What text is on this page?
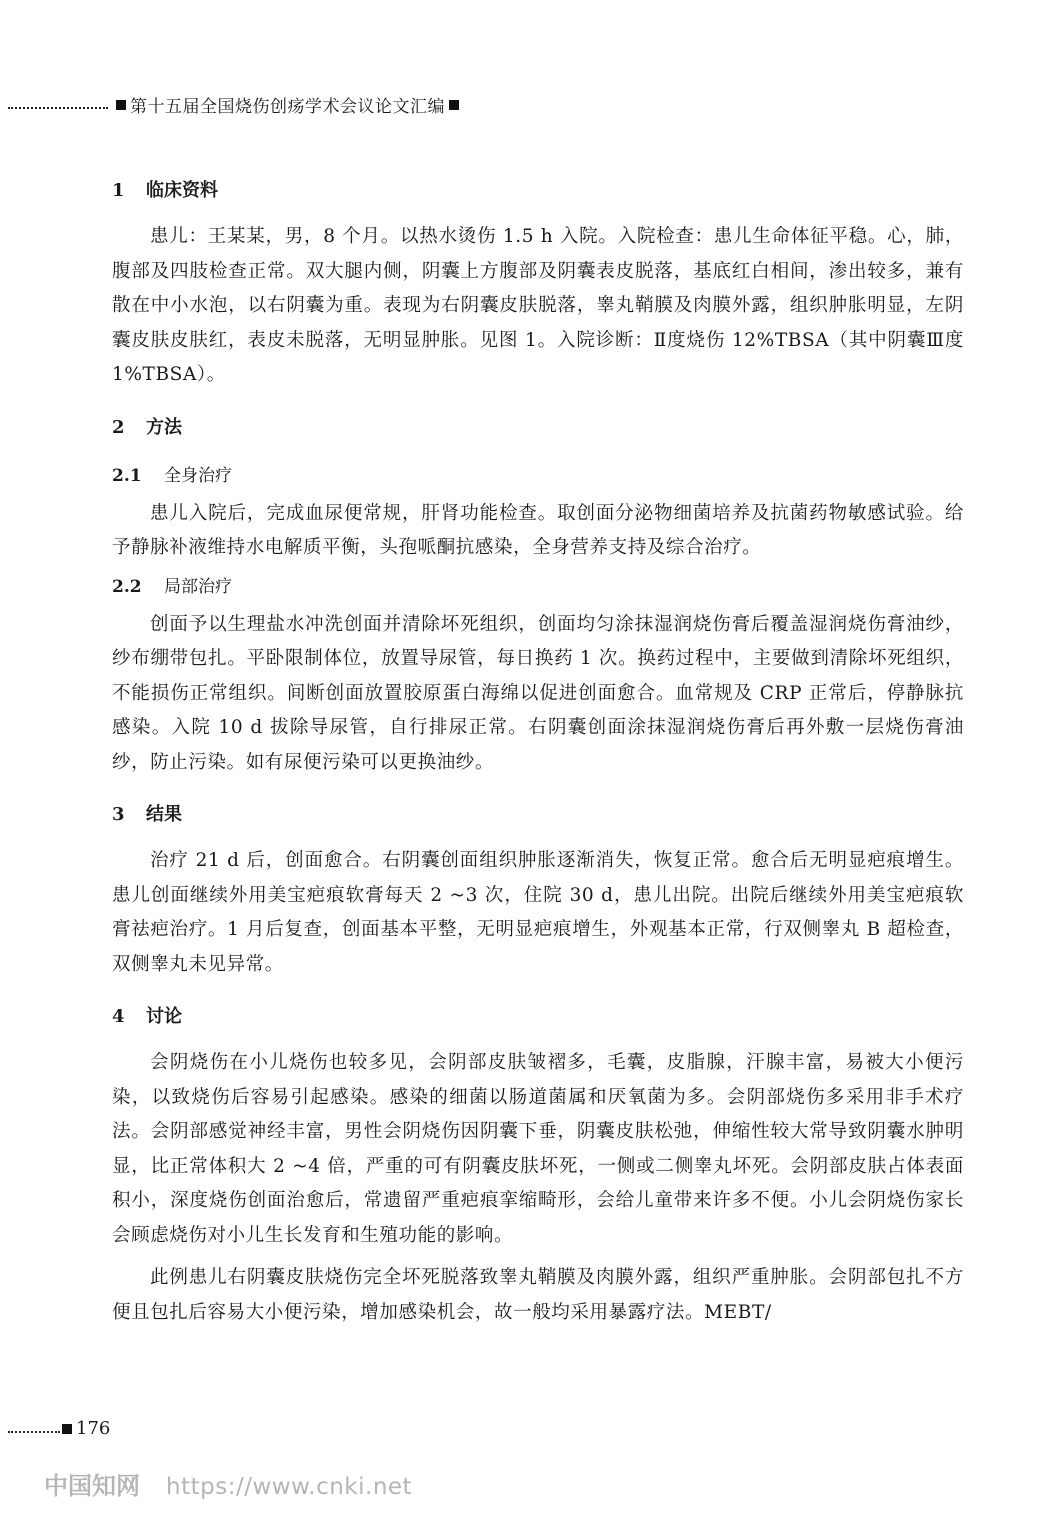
第十五届全国烧伤创疡学术会议论文汇编
1 临床资料

患儿：王某某，男，8 个月。以热水烫伤 1.5 h 入院。入院检查：患儿生命体征平稳。心，肺，腹部及四肢检查正常。双大腿内侧，阴囊上方腹部及阴囊表皮脱落，基底红白相间，渗出较多，兼有散在中小水泡，以右阴囊为重。表现为右阴囊皮肤脱落，睾丸鞘膜及肉膜外露，组织肿胀明显，左阴囊皮肤皮肤红，表皮未脱落，无明显肿胀。见图 1。入院诊断：Ⅱ度烧伤 12%TBSA（其中阴囊Ⅲ度 1%TBSA）。

2 方法
2.1 全身治疗

患儿入院后，完成血尿便常规，肝肾功能检查。取创面分泌物细菌培养及抗菌药物敏感试验。给予静脉补液维持水电解质平衡，头孢哌酮抗感染，全身营养支持及综合治疗。

2.2 局部治疗

创面予以生理盐水冲洗创面并清除坏死组织，创面均匀涂抹湿润烧伤膏后覆盖湿润烧伤膏油纱，纱布绷带包扎。平卧限制体位，放置导尿管，每日换药 1 次。换药过程中，主要做到清除坏死组织，不能损伤正常组织。间断创面放置胶原蛋白海绵以促进创面愈合。血常规及 CRP 正常后，停静脉抗感染。入院 10 d 拔除导尿管，自行排尿正常。右阴囊创面涂抹湿润烧伤膏后再外敷一层烧伤膏油纱，防止污染。如有尿便污染可以更换油纱。

3 结果

治疗 21 d 后，创面愈合。右阴囊创面组织肿胀逐渐消失，恢复正常。愈合后无明显疤痕增生。患儿创面继续外用美宝疤痕软膏每天 2 ~3 次，住院 30 d，患儿出院。出院后继续外用美宝疤痕软膏祛疤治疗。1 月后复查，创面基本平整，无明显疤痕增生，外观基本正常，行双侧睾丸 B 超检查，双侧睾丸未见异常。

4 讨论

会阴烧伤在小儿烧伤也较多见，会阴部皮肤皱褶多，毛囊，皮脂腺，汗腺丰富，易被大小便污染，以致烧伤后容易引起感染。感染的细菌以肠道菌属和厌氧菌为多。会阴部烧伤多采用非手术疗法。会阴部感觉神经丰富，男性会阴烧伤因阴囊下垂，阴囊皮肤松弛，伸缩性较大常导致阴囊水肿明显，比正常体积大 2 ~4 倍，严重的可有阴囊皮肤坏死，一侧或二侧睾丸坏死。会阴部皮肤占体表面积小，深度烧伤创面治愈后，常遗留严重疤痕挛缩畸形，会给儿童带来许多不便。小儿会阴烧伤家长会顾虑烧伤对小儿生长发育和生殖功能的影响。

此例患儿右阴囊皮肤烧伤完全坏死脱落致睾丸鞘膜及肉膜外露，组织严重肿胀。会阴部包扎不方便且包扎后容易大小便污染，增加感染机会，故一般均采用暴露疗法。MEBT/

176
中国知网 https://www.cnki.net
